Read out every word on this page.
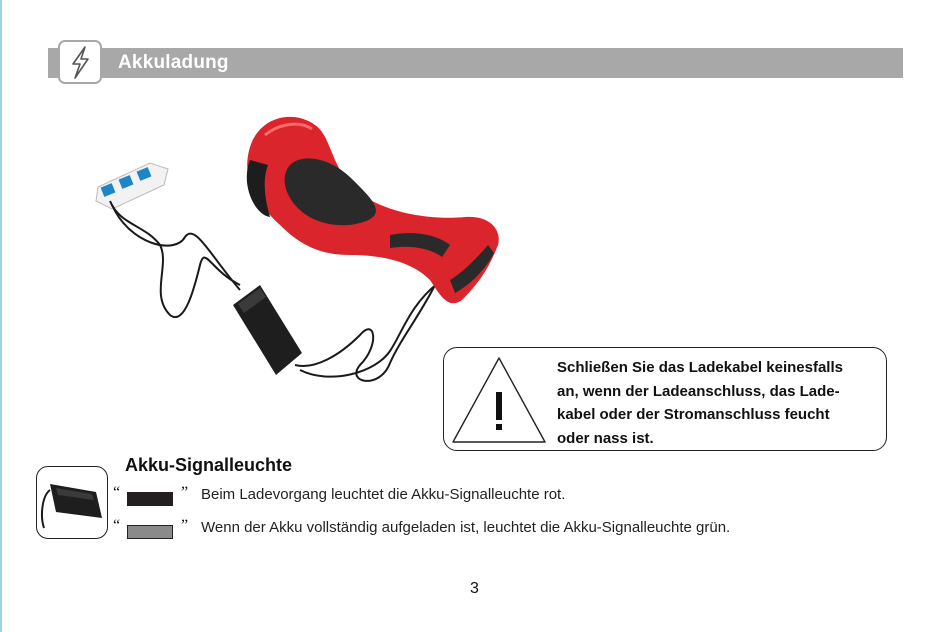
Akkuladung
Schließen Sie das Ladekabel keinesfalls
an, wenn der Ladeanschluss, das Lade-
kabel oder der Stromanschluss feucht
oder nass ist.
Akku-Signalleuchte
“	” Beim Ladevorgang leuchtet die Akku-Signalleuchte rot.
“	” Wenn der Akku vollständig aufgeladen ist, leuchtet die Akku-Signalleuchte grün.
3
